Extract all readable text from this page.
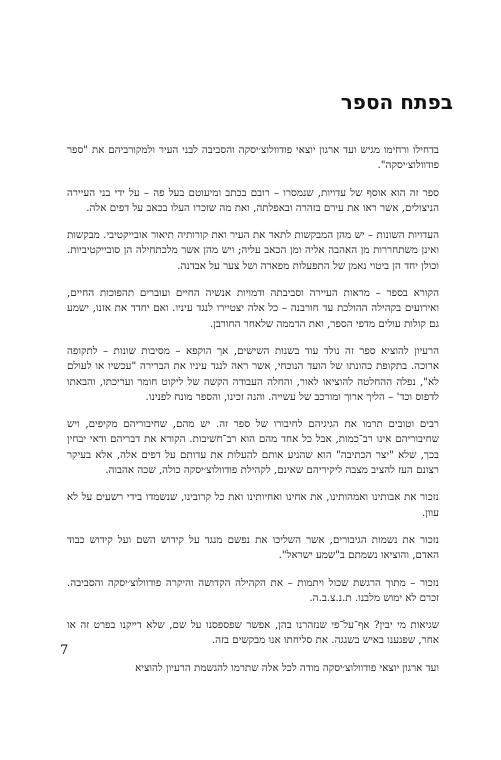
בפתח הספר

בדחילו ורחימו מגיש ועד ארגון יוצאי פודוולוצ׳יסקה והסביבה לבני העיר ולמקורביהם את "ספר פודוולוצ׳יסקה".

ספר זה הוא אוסף של עדויות, שנמסרו – רובם בכתב ומיעוטם בעל פה – על ידי בני העיירה הניצולים, אשר ראו את עירם בזהרה ובאפלתה, ואת מה שזכרו העלו בכאב על דפים אלה.

העדויות השונות – יש מהן המבקשות לתאר את העיר ואת קורותיה תיאור אובייקטיבי. מבקשות ואינן משתחררות מן האהבה אליה ומן הכאב עליה; ויש מהן אשר מלכתחילה הן סובייקטיביות. וכולן יחד הן ביטוי נאמן של התפעלות מפארה ושל צער על אבדנה.

הקורא בספר – מראות העיירה וסביבתה ודמויות אנשיה החיים ועוברים תהפוכות החיים, ואירועים בקהילה ההולכת עד חורבנה – כל אלה יצטיירו לנגד עיניו. ואם יחדד את אזנו, ישמע גם קולות עולים מדפי הספר, ואת הדממה שלאחר החורבן.

הרעיון להוציא ספר זה נולד עוד בשנות השישים, אך הוקפא – מסיבות שונות – לתקופה ארוכה. בתקופת כהונתו של הועד הנוכחי, אשר ראה לנגד עיניו את הברירה "עכשיו או לעולם לא", נפלה ההחלטה להוציאו לאור, והחלה העבודה הקשה של ליקוט חומר ועריכתו, והבאתו לדפוס וכד' – הליך ארוך ומורכב של עשייה. והנה זכינו, והספר מונח לפנינו.

רבים וטובים תרמו את הגיגיהם לחיבורו של ספר זה. יש מהם, שחיבוריהם מקיפים, ויש שחיבוריהם אינו רב־כמות, אבל כל אחד מהם הוא רב־חשיבות. הקורא את דבריהם ודאי יבחין בכך, שלא "יצר הכתיבה" הוא שהניע אותם להעלות את עדותם על דפים אלה, אלא בעיקר רצונם העז להציב מצבה ליקיריהם שאינם, לקהילת פודוולוצ׳יסקה כולה, שכה אהבוה.

נזכור את אבותינו ואמהותינו, את אחינו ואחיותינו ואת כל קרובינו, שנשמדו בידי רשעים על לא עוון.

נזכור את נשמות הגיבורים, אשר השליכו את נפשם מנגד על קידוש השם ועל קידוש כבוד האדם, והוציאו נשמתם ב"שמע ישראל".

נזכור – מתוך הרגשת שכול ויתמות – את הקהילה הקדושה והיקרה פודוולוצ׳יסקה והסביבה. זכרם לא ימוש מלבנו. ת.נ.צ.ב.ה.

שגיאות מי יבין? אף־על־פי שנזהרנו בהן, אפשר שפספסנו על שם, שלא דייקנו בפרט זה או אחר, שפגענו באיש בשגגה. את סליחתו אנו מבקשים בזה.

ועד ארגון יוצאי פודוולוצ׳יסקה מודה לכל אלה שתרמו להגשמת הרעיון להוציא

7
